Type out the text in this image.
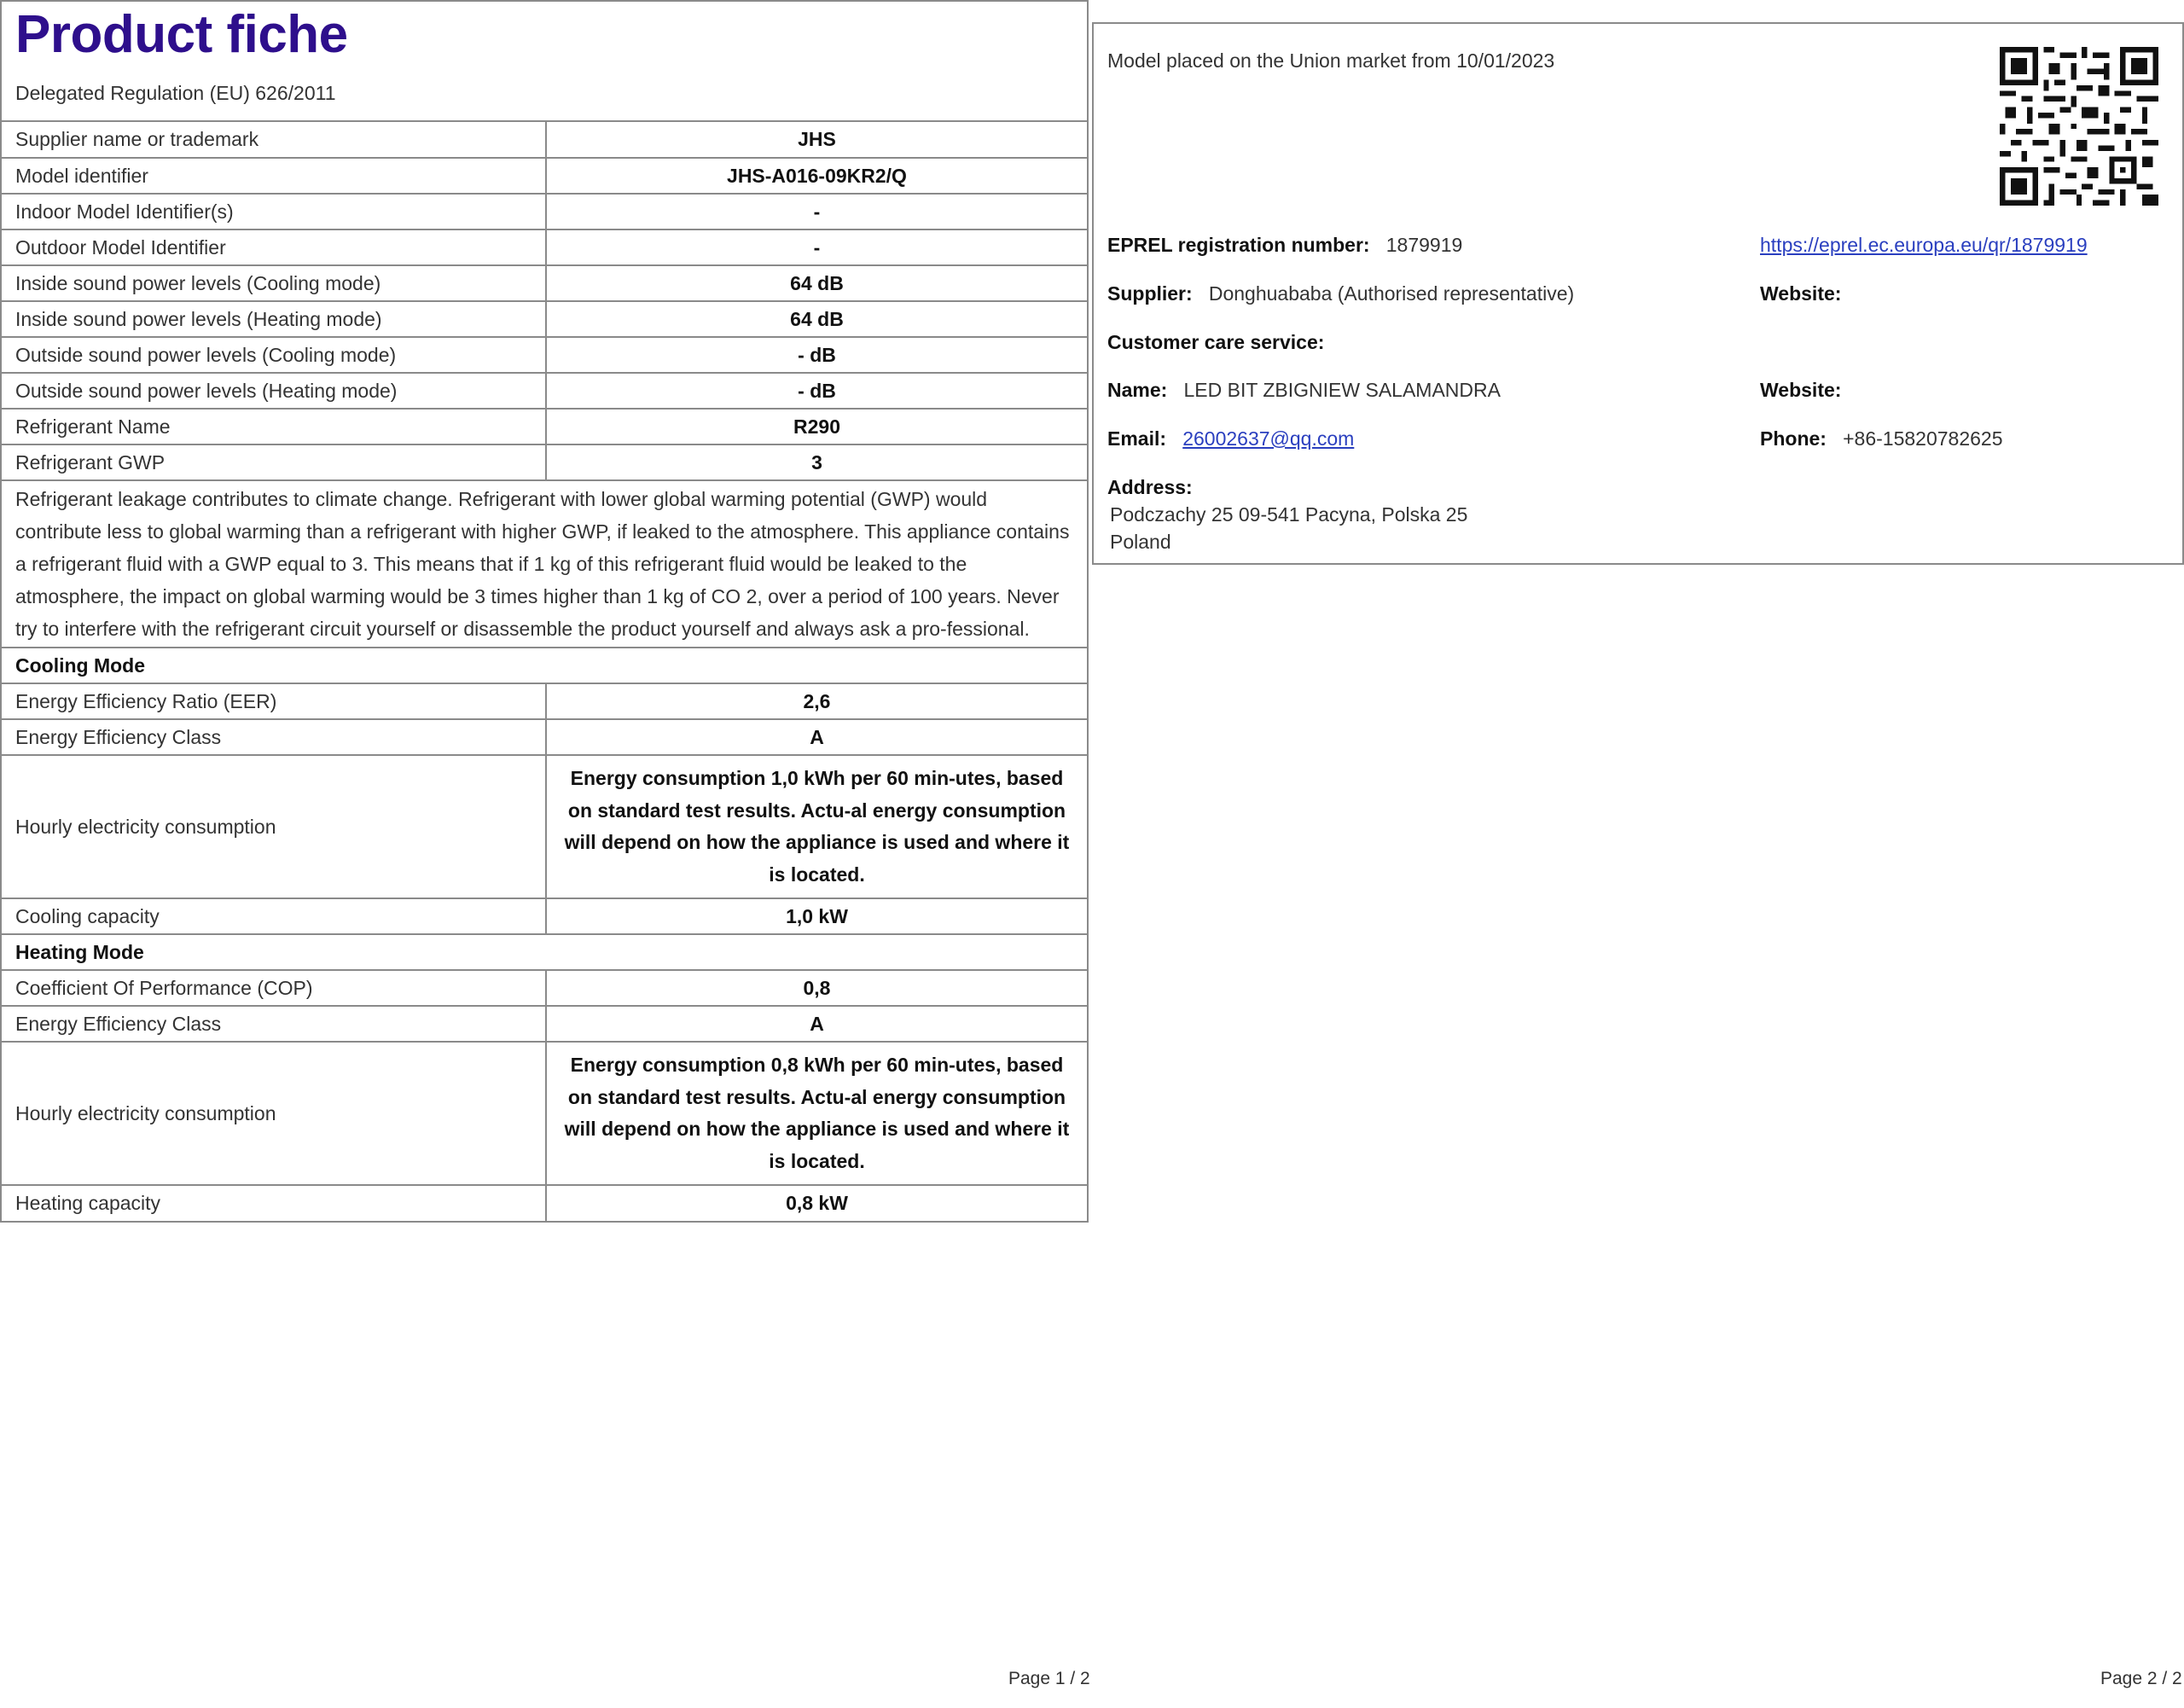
Product fiche
Delegated Regulation (EU) 626/2011
Supplier name or trademark	JHS
Model identifier	JHS-A016-09KR2/Q
Indoor Model Identifier(s)	-
Outdoor Model Identifier	-
Inside sound power levels (Cooling mode)	64 dB
Inside sound power levels (Heating mode)	64 dB
Outside sound power levels (Cooling mode)	- dB
Outside sound power levels (Heating mode)	- dB
Refrigerant Name	R290
Refrigerant GWP	3
Refrigerant leakage contributes to climate change. Refrigerant with lower global warming potential (GWP) would contribute less to global warming than a refrigerant with higher GWP, if leaked to the atmosphere. This appliance contains a refrigerant fluid with a GWP equal to 3. This means that if 1 kg of this refrigerant fluid would be leaked to the atmosphere, the impact on global warming would be 3 times higher than 1 kg of CO 2, over a period of 100 years. Never try to interfere with the refrigerant circuit yourself or disassemble the product yourself and always ask a pro-fessional.	
Cooling Mode	
Energy Efficiency Ratio (EER)	2,6
Energy Efficiency Class	A
Hourly electricity consumption	Energy consumption 1,0 kWh per 60 min-utes, based on standard test results. Actu-al energy consumption will depend on how the appliance is used and where it is located.
Cooling capacity	1,0 kW
Heating Mode	
Coefficient Of Performance (COP)	0,8
Energy Efficiency Class	A
Hourly electricity consumption	Energy consumption 0,8 kWh per 60 min-utes, based on standard test results. Actu-al energy consumption will depend on how the appliance is used and where it is located.
Heating capacity	0,8 kW
Page 1 / 2
Model placed on the Union market from 10/01/2023
EPREL registration number: 1879919	https://eprel.ec.europa.eu/qr/1879919
Supplier: Donghuababa (Authorised representative)	Website:
Customer care service:
Name: LED BIT ZBIGNIEW SALAMANDRA	Website:
Email: 26002637@qq.com	Phone: +86-15820782625
Address:
Podczachy 25 09-541 Pacyna, Polska 25
Poland
Page 2 / 2
